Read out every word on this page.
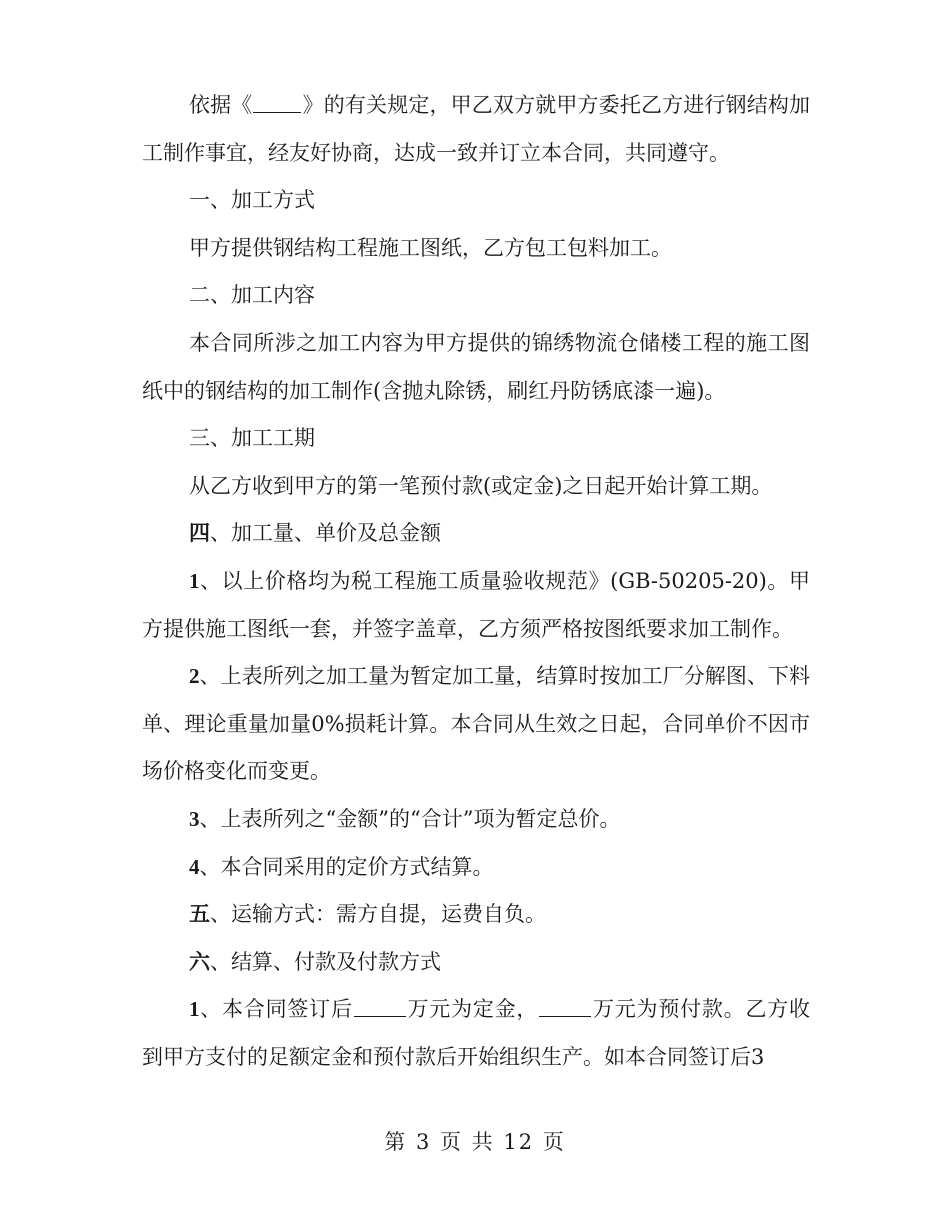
依据《 》的有关规定，甲乙双方就甲方委托乙方进行钢结构加工制作事宜，经友好协商，达成一致并订立本合同，共同遵守。

一、加工方式

甲方提供钢结构工程施工图纸，乙方包工包料加工。

二、加工内容

本合同所涉之加工内容为甲方提供的锦绣物流仓储楼工程的施工图纸中的钢结构的加工制作(含抛丸除锈，刷红丹防锈底漆一遍)。

三、加工工期

从乙方收到甲方的第一笔预付款(或定金)之日起开始计算工期。

四、加工量、单价及总金额

1、以上价格均为税工程施工质量验收规范》(GB-50205-20)。甲方提供施工图纸一套，并签字盖章，乙方须严格按图纸要求加工制作。

2、上表所列之加工量为暂定加工量，结算时按加工厂分解图、下料单、理论重量加量0%损耗计算。本合同从生效之日起，合同单价不因市场价格变化而变更。

3、上表所列之“金额”的“合计”项为暂定总价。

4、本合同采用的定价方式结算。

五、运输方式：需方自提，运费自负。

六、结算、付款及付款方式

1、本合同签订后	万元为定金，	万元为预付款。乙方收到甲方支付的足额定金和预付款后开始组织生产。如本合同签订后3

第 3 页 共 12 页
